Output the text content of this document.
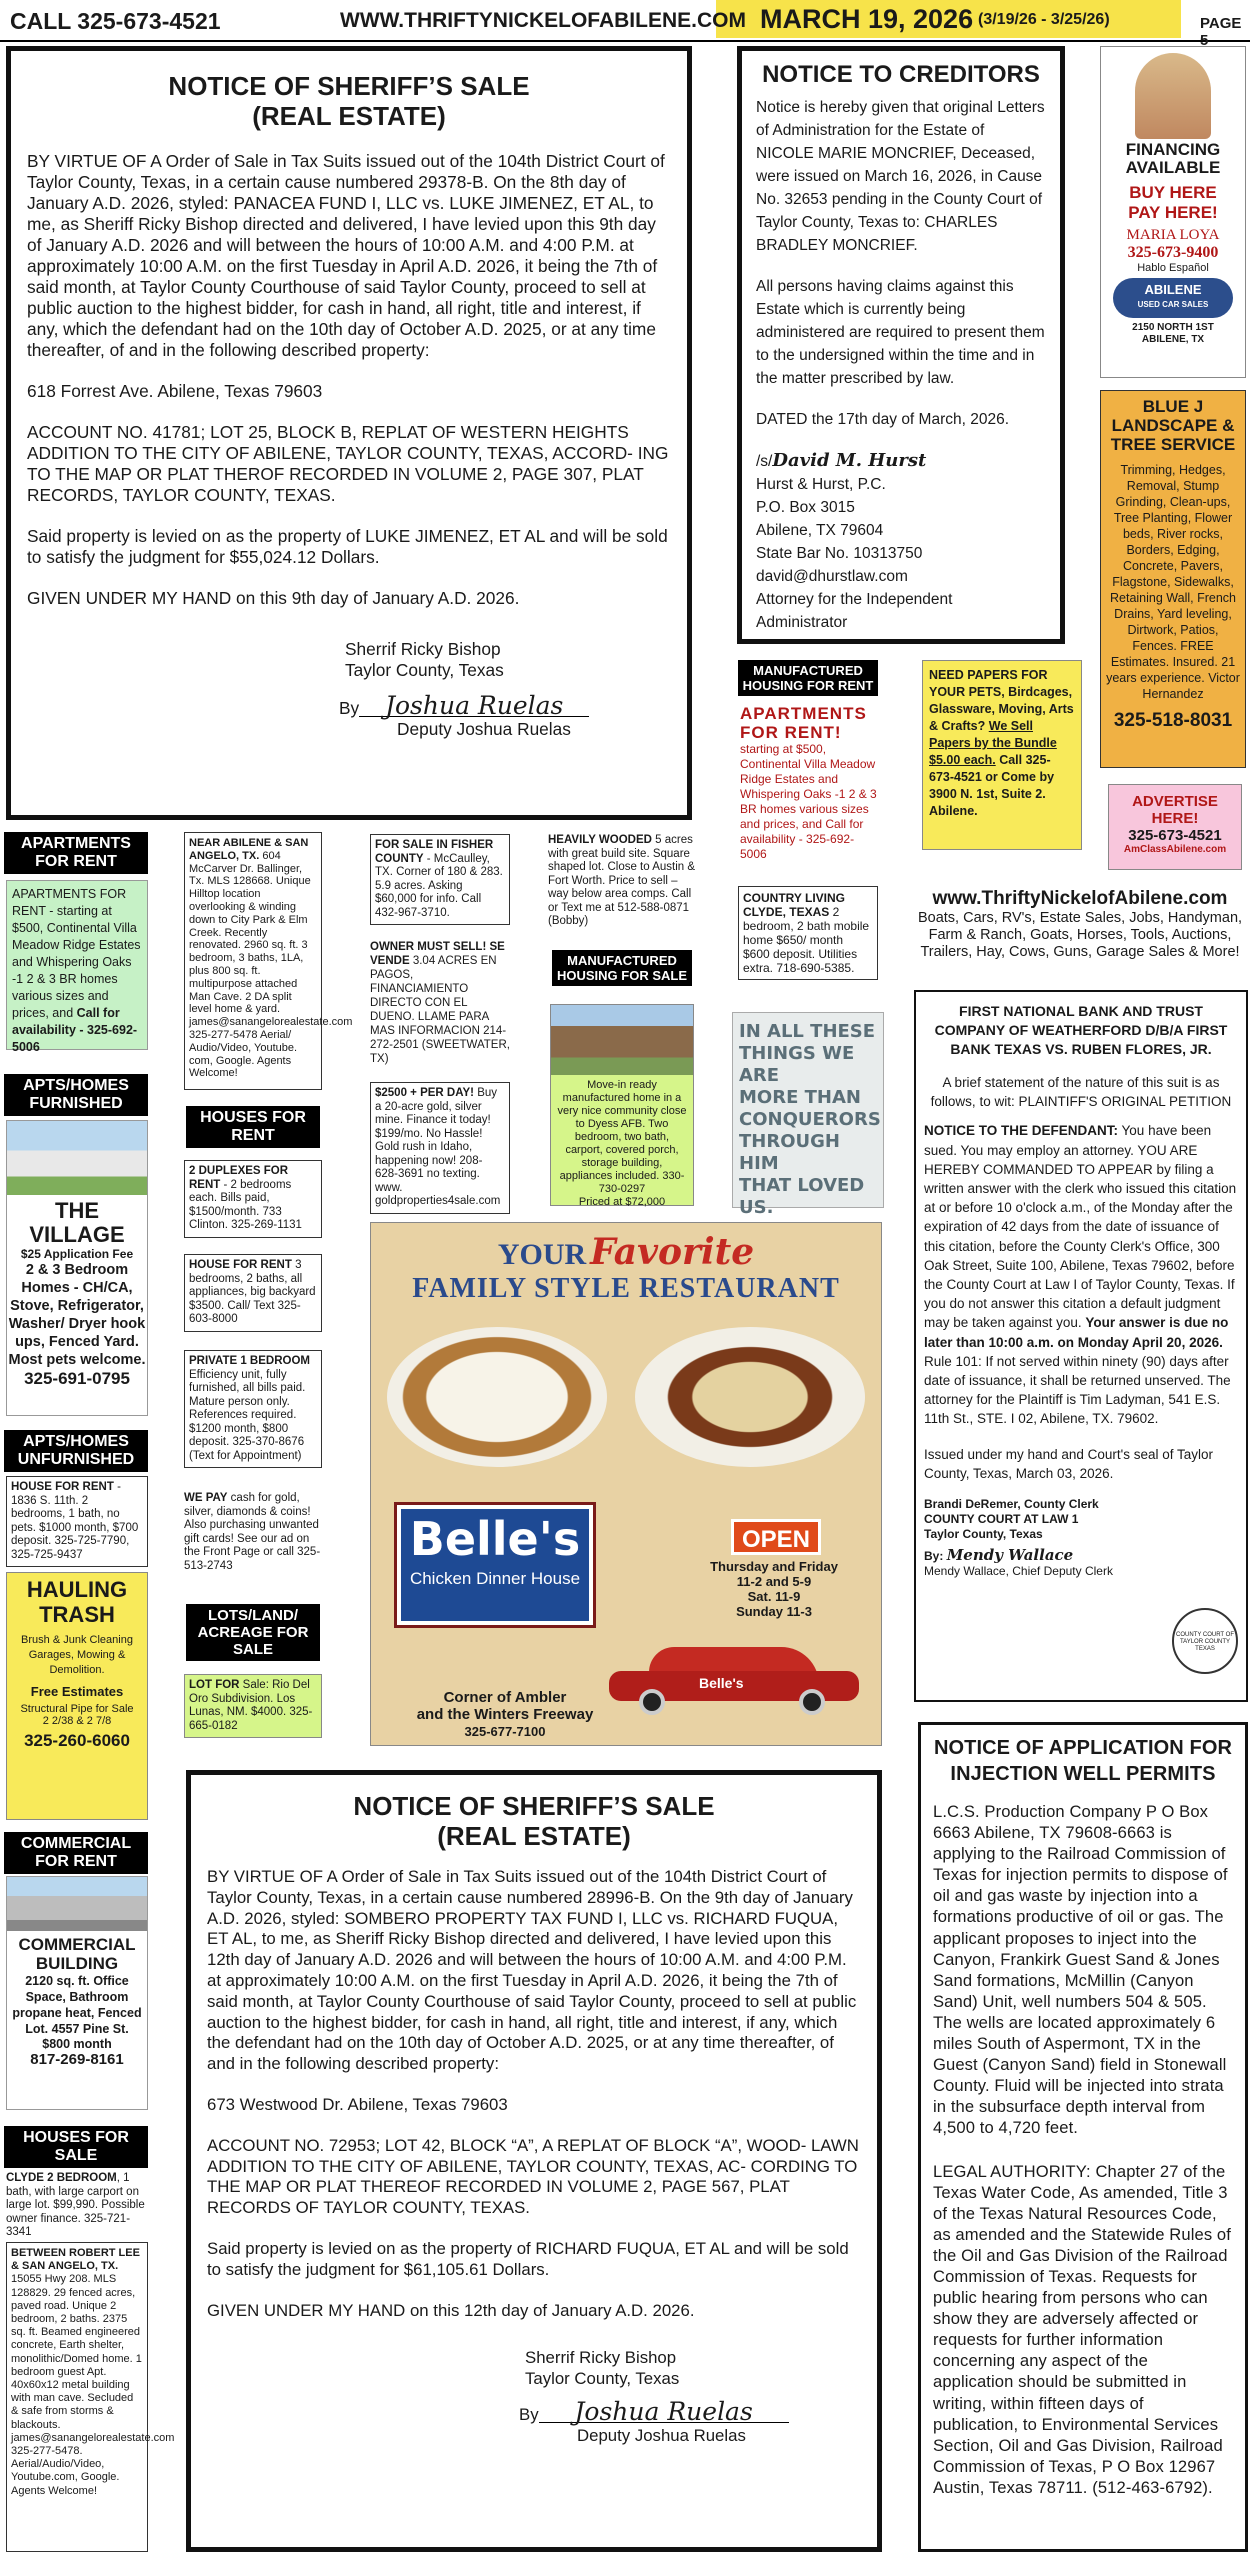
CALL 325-673-4521	WWW.THRIFTYNICKELOFABILENE.COM MARCH 19, 2026 (3/19/26 - 3/25/26)	PAGE 5
NOTICE OF SHERIFF’S SALE
(REAL ESTATE)

BY VIRTUE OF A Order of Sale in Tax Suits issued out of the 104th District Court of Taylor County, Texas, in a certain cause numbered 29378-B. On the 8th day of January A.D. 2026, styled: PANACEA FUND I, LLC vs. LUKE JIMENEZ, ET AL, to me, as Sheriff Ricky Bishop directed and delivered, I have levied upon this 9th day of January A.D. 2026 and will between the hours of 10:00 A.M. and 4:00 P.M. at approximately 10:00 A.M. on the first Tuesday in April A.D. 2026, it being the 7th of said month, at Taylor County Courthouse of said Taylor County, proceed to sell at public auction to the highest bidder, for cash in hand, all right, title and interest, if any, which the defendant had on the 10th day of October A.D. 2025, or at any time thereafter, of and in the following described property:

618 Forrest Ave. Abilene, Texas 79603

ACCOUNT NO. 41781; LOT 25, BLOCK B, REPLAT OF WESTERN HEIGHTS ADDITION TO THE CITY OF ABILENE, TAYLOR COUNTY, TEXAS, ACCORD- ING TO THE MAP OR PLAT THEROF RECORDED IN VOLUME 2, PAGE 307, PLAT RECORDS, TAYLOR COUNTY, TEXAS.

Said property is levied on as the property of LUKE JIMENEZ, ET AL and will be sold to satisfy the judgment for $55,024.12 Dollars.

GIVEN UNDER MY HAND on this 9th day of January A.D. 2026.

Sherrif Ricky Bishop
Taylor County, Texas
By Joshua Ruelas
Deputy Joshua Ruelas
NOTICE TO CREDITORS

Notice is hereby given that original Letters of Administration for the Estate of NICOLE MARIE MONCRIEF, Deceased, were issued on March 16, 2026, in Cause No. 32653 pending in the County Court of Taylor County, Texas to: CHARLES BRADLEY MONCRIEF.

All persons having claims against this Estate which is currently being administered are required to present them to the undersigned within the time and in the matter prescribed by law.

DATED the 17th day of March, 2026.

/s/David M. Hurst
Hurst & Hurst, P.C.
P.O. Box 3015
Abilene, TX 79604
State Bar No. 10313750
david@dhurstlaw.com
Attorney for the Independent Administrator
FINANCING
AVAILABLE
BUY HERE
PAY HERE!
MARIA LOYA
325-673-9400
Hablo Español
ABILENE
USED CAR SALES
2150 NORTH 1ST
ABILENE, TX
BLUE J LANDSCAPE & TREE SERVICE
Trimming, Hedges, Removal, Stump Grinding, Clean-ups, Tree Planting, Flower beds, River rocks, Borders, Edging, Concrete, Pavers, Flagstone, Sidewalks, Retaining Wall, French Drains, Yard leveling, Dirtwork, Patios, Fences. FREE Estimates. Insured. 21 years experience. Victor Hernandez
325-518-8031
ADVERTISE
HERE!
325-673-4521
AmClassAbilene.com
MANUFACTURED HOUSING FOR RENT
APARTMENTS FOR RENT!
starting at $500, Continental Villa Meadow Ridge Estates and Whispering Oaks -1 2 & 3 BR homes various sizes and prices, and Call for availability - 325-692-5006
NEED PAPERS FOR YOUR PETS, Birdcages, Glassware, Moving, Arts & Crafts? We Sell Papers by the Bundle $5.00 each. Call 325-673-4521 or Come by 3900 N. 1st, Suite 2. Abilene.
COUNTRY LIVING CLYDE, TEXAS 2 bedroom, 2 bath mobile home $650/ month $600 deposit. Utilities extra. 718-690-5385.
www.ThriftyNickelofAbilene.com
Boats, Cars, RV's, Estate Sales, Jobs, Handyman, Farm & Ranch, Goats, Horses, Tools, Auctions, Trailers, Hay, Cows, Guns, Garage Sales & More!
FIRST NATIONAL BANK AND TRUST COMPANY OF WEATHERFORD D/B/A FIRST BANK TEXAS VS. RUBEN FLORES, JR.
A brief statement of the nature of this suit is as follows, to wit: PLAINTIFF'S ORIGINAL PETITION

NOTICE TO THE DEFENDANT: You have been sued. You may employ an attorney. YOU ARE HEREBY COMMANDED TO APPEAR by filing a written answer with the clerk who issued this citation at or before 10 o'clock a.m., of the Monday after the expiration of 42 days from the date of issuance of this citation, before the County Clerk's Office, 300 Oak Street, Suite 100, Abilene, Texas 79602, before the County Court at Law I of Taylor County, Texas. If you do not answer this citation a default judgment may be taken against you. Your answer is due no later than 10:00 a.m. on Monday April 20, 2026. Rule 101: If not served within ninety (90) days after date of issuance, it shall be returned unserved. The attorney for the Plaintiff is Tim Ladyman, 541 E.S. 11th St., STE. I 02, Abilene, TX. 79602.

Issued under my hand and Court's seal of Taylor County, Texas, March 03, 2026.

Brandi DeRemer, County Clerk
COUNTY COURT AT LAW 1
Taylor County, Texas
By: Mendy Wallace
Mendy Wallace, Chief Deputy Clerk
COUNTY COURT OF TAYLOR COUNTY TEXAS
IN ALL THESE
THINGS WE ARE
MORE THAN
CONQUERORS
THROUGH HIM
THAT LOVED US.
APARTMENTS FOR RENT
APARTMENTS FOR RENT - starting at $500, Continental Villa Meadow Ridge Estates and Whispering Oaks -1 2 & 3 BR homes various sizes and prices, and Call for availability - 325-692-5006
APTS/HOMES FURNISHED
THE VILLAGE
$25 Application Fee
2 & 3 Bedroom Homes - CH/CA, Stove, Refrigerator, Washer/ Dryer hook ups, Fenced Yard. Most pets welcome.
325-691-0795
APTS/HOMES UNFURNISHED
HOUSE FOR RENT - 1836 S. 11th. 2 bedrooms, 1 bath, no pets. $1000 month, $700 deposit. 325-725-7790, 325-725-9437
HAULING TRASH
Brush & Junk Cleaning Garages, Mowing & Demolition.
Free Estimates
Structural Pipe for Sale
2 2/38 & 2 7/8
325-260-6060
COMMERCIAL FOR RENT
COMMERCIAL BUILDING
2120 sq. ft. Office Space, Bathroom propane heat, Fenced Lot. 4557 Pine St.
$800 month
817-269-8161
HOUSES FOR SALE
CLYDE 2 BEDROOM, 1 bath, with large carport on large lot. $99,990. Possible owner finance. 325-721-3341
BETWEEN ROBERT LEE & SAN ANGELO, TX. 15055 Hwy 208. MLS 128829. 29 fenced acres, paved road. Unique 2 bedroom, 2 baths. 2375 sq. ft. Beamed engineered concrete, Earth shelter, monolithic/Domed home. 1 bedroom guest Apt. 40x60x12 metal building with man cave. Secluded & safe from storms & blackouts. james@sanangelorealestate.com 325-277-5478. Aerial/Audio/Video, Youtube.com, Google. Agents Welcome!
NEAR ABILENE & SAN ANGELO, TX. 604 McCarver Dr. Ballinger, Tx. MLS 128668. Unique Hilltop location overlooking & winding down to City Park & Elm Creek. Recently renovated. 2960 sq. ft. 3 bedroom, 3 baths, 1LA, plus 800 sq. ft. multipurpose attached Man Cave. 2 DA split level home & yard. james@sanangelorealestate.com 325-277-5478 Aerial/ Audio/Video, Youtube. com, Google. Agents Welcome!
HOUSES FOR RENT
2 DUPLEXES FOR RENT - 2 bedrooms each. Bills paid, $1500/month. 733 Clinton. 325-269-1131
HOUSE FOR RENT 3 bedrooms, 2 baths, all appliances, big backyard $3500. Call/ Text 325-603-8000
PRIVATE 1 BEDROOM Efficiency unit, fully furnished, all bills paid. Mature person only. References required. $1200 month, $800 deposit. 325-370-8676 (Text for Appointment)
WE PAY cash for gold, silver, diamonds & coins! Also purchasing unwanted gift cards! See our ad on the Front Page or call 325-513-2743
LOTS/LAND/ ACREAGE FOR SALE
LOT FOR Sale: Rio Del Oro Subdivision. Los Lunas, NM. $4000. 325-665-0182
FOR SALE IN FISHER COUNTY - McCaulley, TX. Corner of 180 & 283. 5.9 acres. Asking $60,000 for info. Call 432-967-3710.
OWNER MUST SELL! SE VENDE 3.04 ACRES EN PAGOS, FINANCIAMIENTO DIRECTO CON EL DUENO. LLAME PARA MAS INFORMACION 214-272-2501 (SWEETWATER, TX)
$2500 + PER DAY! Buy a 20-acre gold, silver mine. Finance it today! $199/mo. No Hassle! Gold rush in Idaho, happening now! 208-628-3691 no texting. www. goldproperties4sale.com
HEAVILY WOODED 5 acres with great build site. Square shaped lot. Close to Austin & Fort Worth. Price to sell – way below area comps. Call or Text me at 512-588-0871 (Bobby)
MANUFACTURED HOUSING FOR SALE
Move-in ready manufactured home in a very nice community close to Dyess AFB. Two bedroom, two bath, carport, covered porch, storage building, appliances included. 330-730-0297
Priced at $72,000
YOUR Favorite
FAMILY STYLE RESTAURANT
Belle's
Chicken Dinner House
OPEN
Thursday and Friday
11-2 and 5-9
Sat. 11-9
Sunday 11-3
Belle's
Corner of Ambler
and the Winters Freeway
325-677-7100
NOTICE OF SHERIFF’S SALE
(REAL ESTATE)

BY VIRTUE OF A Order of Sale in Tax Suits issued out of the 104th District Court of Taylor County, Texas, in a certain cause numbered 28996-B. On the 9th day of January A.D. 2026, styled: SOMBERO PROPERTY TAX FUND I, LLC vs. RICHARD FUQUA, ET AL, to me, as Sheriff Ricky Bishop directed and delivered, I have levied upon this 12th day of January A.D. 2026 and will between the hours of 10:00 A.M. and 4:00 P.M. at approximately 10:00 A.M. on the first Tuesday in April A.D. 2026, it being the 7th of said month, at Taylor County Courthouse of said Taylor County, proceed to sell at public auction to the highest bidder, for cash in hand, all right, title and interest, if any, which the defendant had on the 10th day of October A.D. 2025, or at any time thereafter, of and in the following described property:

673 Westwood Dr. Abilene, Texas 79603

ACCOUNT NO. 72953; LOT 42, BLOCK “A”, A REPLAT OF BLOCK “A”, WOOD- LAWN ADDITION TO THE CITY OF ABILENE, TAYLOR COUNTY, TEXAS, AC- CORDING TO THE MAP OR PLAT THEREOF RECORDED IN VOLUME 2, PAGE 567, PLAT RECORDS OF TAYLOR COUNTY, TEXAS.

Said property is levied on as the property of RICHARD FUQUA, ET AL and will be sold to satisfy the judgment for $61,105.61 Dollars.

GIVEN UNDER MY HAND on this 12th day of January A.D. 2026.

Sherrif Ricky Bishop
Taylor County, Texas
By Joshua Ruelas
Deputy Joshua Ruelas
NOTICE OF APPLICATION FOR INJECTION WELL PERMITS

L.C.S. Production Company P O Box 6663 Abilene, TX 79608-6663 is applying to the Railroad Commission of Texas for injection permits to dispose of oil and gas waste by injection into a formations productive of oil or gas. The applicant proposes to inject into the Canyon, Frankirk Guest Sand & Jones Sand formations, McMillin (Canyon Sand) Unit, well numbers 504 & 505. The wells are located approximately 6 miles South of Aspermont, TX in the Guest (Canyon Sand) field in Stonewall County. Fluid will be injected into strata in the subsurface depth interval from 4,500 to 4,720 feet.

LEGAL AUTHORITY: Chapter 27 of the Texas Water Code, As amended, Title 3 of the Texas Natural Resources Code, as amended and the Statewide Rules of the Oil and Gas Division of the Railroad Commission of Texas. Requests for public hearing from persons who can show they are adversely affected or requests for further information concerning any aspect of the application should be submitted in writing, within fifteen days of publication, to Environmental Services Section, Oil and Gas Division, Railroad Commission of Texas, P O Box 12967 Austin, Texas 78711. (512-463-6792).
